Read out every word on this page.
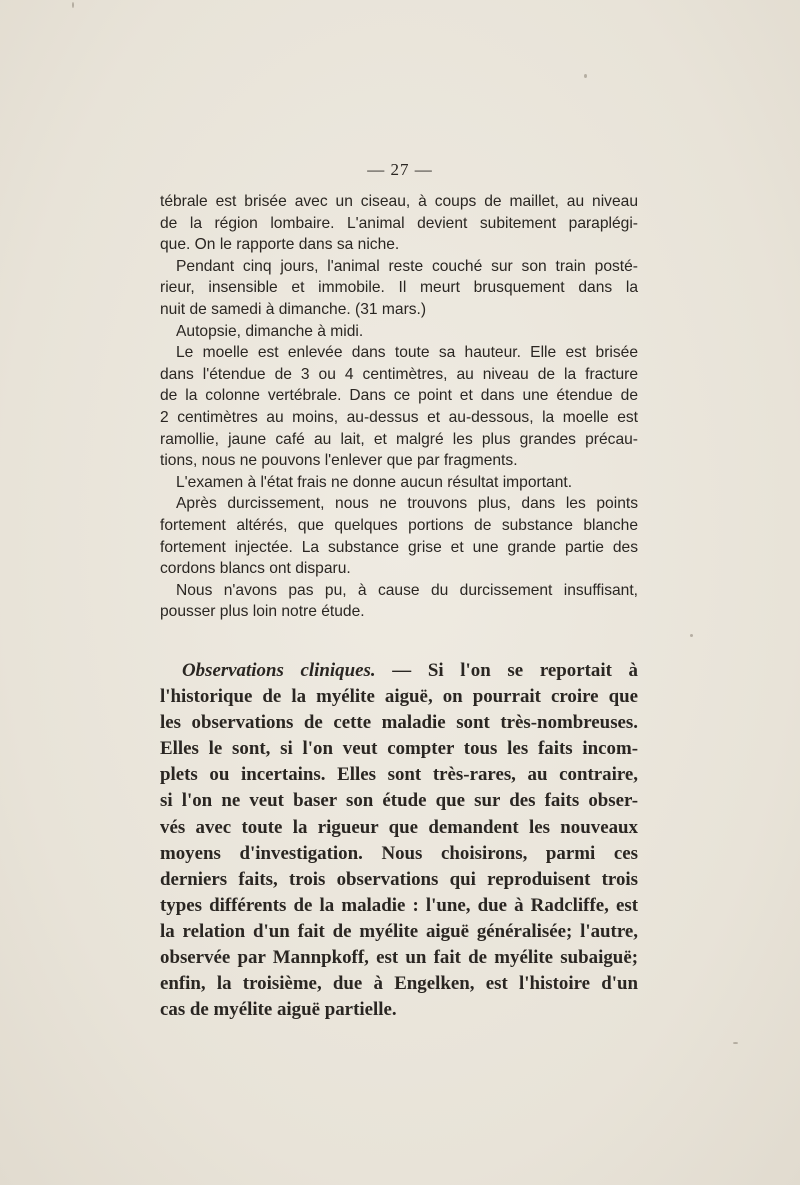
— 27 —
tébrale est brisée avec un ciseau, à coups de maillet, au niveau
de la région lombaire. L'animal devient subitement paraplégi-
que. On le rapporte dans sa niche.
Pendant cinq jours, l'animal reste couché sur son train posté-
rieur, insensible et immobile. Il meurt brusquement dans la
nuit de samedi à dimanche. (31 mars.)
Autopsie, dimanche à midi.
Le moelle est enlevée dans toute sa hauteur. Elle est brisée
dans l'étendue de 3 ou 4 centimètres, au niveau de la fracture
de la colonne vertébrale. Dans ce point et dans une étendue de
2 centimètres au moins, au-dessus et au-dessous, la moelle est
ramollie, jaune café au lait, et malgré les plus grandes précau-
tions, nous ne pouvons l'enlever que par fragments.
L'examen à l'état frais ne donne aucun résultat important.
Après durcissement, nous ne trouvons plus, dans les points
fortement altérés, que quelques portions de substance blanche
fortement injectée. La substance grise et une grande partie des
cordons blancs ont disparu.
Nous n'avons pas pu, à cause du durcissement insuffisant,
pousser plus loin notre étude.
Observations cliniques. — Si l'on se reportait à
l'historique de la myélite aiguë, on pourrait croire que
les observations de cette maladie sont très-nombreuses.
Elles le sont, si l'on veut compter tous les faits incom-
plets ou incertains. Elles sont très-rares, au contraire,
si l'on ne veut baser son étude que sur des faits obser-
vés avec toute la rigueur que demandent les nouveaux
moyens d'investigation. Nous choisirons, parmi ces
derniers faits, trois observations qui reproduisent trois
types différents de la maladie : l'une, due à Radcliffe, est
la relation d'un fait de myélite aiguë généralisée; l'autre,
observée par Mannpkoff, est un fait de myélite subaiguë;
enfin, la troisième, due à Engelken, est l'histoire d'un
cas de myélite aiguë partielle.
